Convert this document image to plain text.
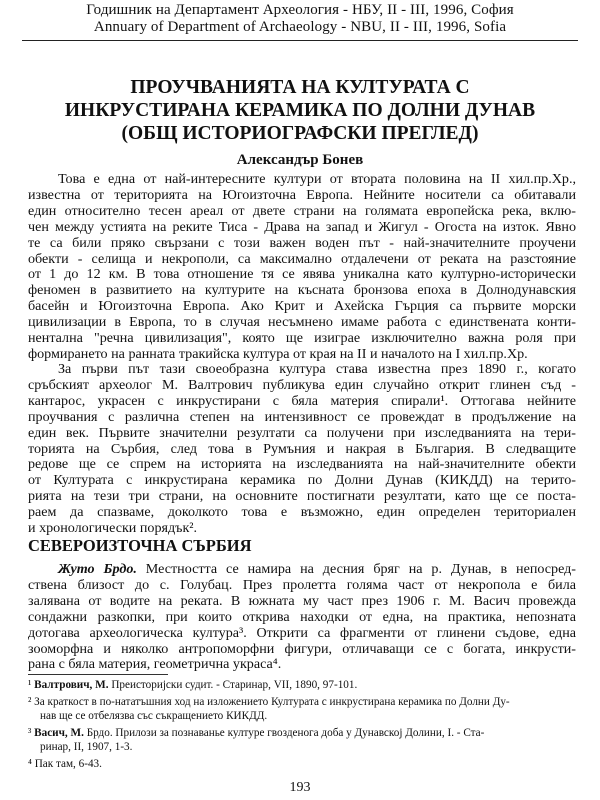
Годишник на Департамент Археология - НБУ, II - III, 1996, София
Annuary of Department of Archaeology - NBU, II - III, 1996, Sofia
ПРОУЧВАНИЯТА НА КУЛТУРАТА С
ИНКРУСТИРАНА КЕРАМИКА ПО ДОЛНИ ДУНАВ
(ОБЩ ИСТОРИОГРАФСКИ ПРЕГЛЕД)
Александър Бонев
Това е една от най-интересните култури от втората половина на II хил.пр.Хр.,
известна от територията на Югоизточна Европа. Нейните носители са обитавали
един относително тесен ареал от двете страни на голямата европейска река, вклю-
чен между устията на реките Тиса - Драва на запад и Жигул - Огоста на изток. Явно
те са били пряко свързани с този важен воден път - най-значителните проучени
обекти - селища и некрополи, са максимално отдалечени от реката на разстояние
от 1 до 12 км. В това отношение тя се явява уникална като културно-исторически
феномен в развитието на културите на късната бронзова епоха в Долнодунавския
басейн и Югоизточна Европа. Ако Крит и Ахейска Гърция са първите морски
цивилизации в Европа, то в случая несъмнено имаме работа с единствената конти-
нентална "речна цивилизация", която ще изиграе изключително важна роля при
формирането на ранната тракийска култура от края на II и началото на I хил.пр.Хр.
За първи път тази своеобразна култура става известна през 1890 г., когато
сръбският археолог М. Валтрович публикува един случайно открит глинен съд -
кантарос, украсен с инкрустирани с бяла материя спирали¹. Оттогава нейните
проучвания с различна степен на интензивност се провеждат в продължение на
един век. Първите значителни резултати са получени при изследванията на тери-
торията на Сърбия, след това в Румъния и накрая в България. В следващите
редове ще се спрем на историята на изследванията на най-значителните обекти
от Културата с инкрустирана керамика по Долни Дунав (КИКДД) на терито-
рията на тези три страни, на основните постигнати резултати, като ще се поста-
раем да спазваме, доколкото това е възможно, един определен териториален
и хронологически порядък².
СЕВЕРОИЗТОЧНА СЪРБИЯ
Жуто Брдо. Местността се намира на десния бряг на р. Дунав, в непосред-
ствена близост до с. Голубац. През пролетта голяма част от некропола е била
залявана от водите на реката. В южната му част през 1906 г. М. Васич провежда
сондажни разкопки, при които открива находки от една, на практика, непозната
дотогава археологическа култура³. Открити са фрагменти от глинени съдове, една
зооморфна и няколко антропоморфни фигури, отличаващи се с богата, инкрусти-
рана с бяла материя, геометрична украса⁴.
¹ Валтрович, М. Преисторијски судит. - Старинар, VII, 1890, 97-101.
² За краткост в по-нататъшния ход на изложението Културата с инкрустирана керамика по Долни Ду-
нав ще се отбелязва със съкращението КИКДД.
³ Васич, М. Брдо. Прилози за познаванье културе гвозденога доба у Дунавској Долини, I. - Ста-
ринар, II, 1907, 1-3.
⁴ Пак там, 6-43.
193
